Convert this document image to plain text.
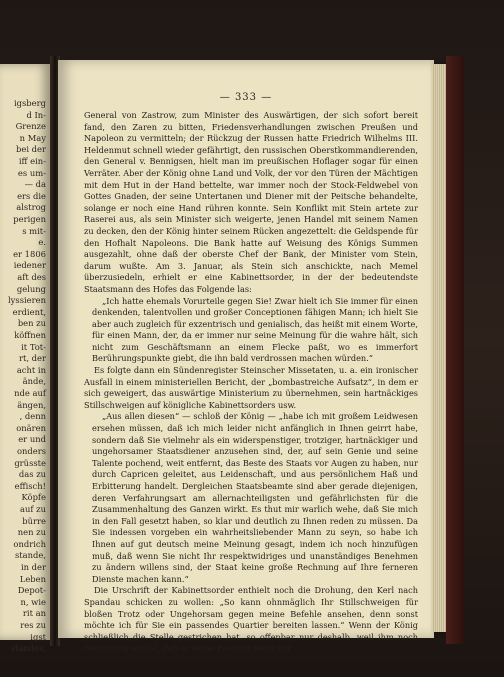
igsberg
d In-
Grenze
n May
bei der
iff ein-
es um-
— da
ers die
alstrog
perigen
s mit-
e.
er 1806
iedener
aft des
gelung
lyssieren
erdient,
ben zu
köffnen
it Tot-
rt, der
acht in
ände,
nde auf
ängen,
, denn
onären
er und
onders
grüsste
das zu
effisch!
Köpfe
auf zu
bürre
nen zu
ondrich
stande,
in der
Leben
Depot-
n, wie
rit an
res zu
igst
standes,
— 333 —

General von Zastrow, zum Minister des Auswärtigen, der sich sofort bereit fand, den Zaren zu bitten, Friedensverhandlungen zwischen Preußen und Napoleon zu vermitteln; der Rückzug der Russen hatte Friedrich Wilhelms III. Heldenmut schnell wieder gefährtigt, den russischen Oberstkommandierenden, den General v. Bennigsen, hielt man im preußischen Hoflager sogar für einen Verräter. Aber der König ohne Land und Volk, der vor den Türen der Mächtigen mit dem Hut in der Hand bettelte, war immer noch der Stock-Feldwebel von Gottes Gnaden, der seine Untertanen und Diener mit der Peitsche behandelte, solange er noch eine Hand rühren konnte. Sein Konflikt mit Stein artete zur Raserei aus, als sein Minister sich weigerte, jenen Handel mit seinem Namen zu decken, den der König hinter seinem Rücken angezettelt: die Geldspende für den Hofhalt Napoleons. Die Bank hatte auf Weisung des Königs Summen ausgezahlt, ohne daß der oberste Chef der Bank, der Minister vom Stein, darum wußte. Am 3. Januar, als Stein sich anschickte, nach Memel überzusiedeln, erhielt er eine Kabinettsorder, in der der bedeutendste Staatsmann des Hofes das Folgende las:

„Ich hatte ehemals Vorurteile gegen Sie! Zwar hielt ich Sie immer für einen denkenden, talentvollen und großer Conceptionen fähigen Mann; ich hielt Sie aber auch zugleich für exzentrisch und genialisch, das heißt mit einem Worte, für einen Mann, der, da er immer nur seine Meinung für die wahre hält, sich nicht zum Geschäftsmann an einem Flecke paßt, wo es immerfort Berührungspunkte giebt, die ihn bald verdrossen machen würden.“

Es folgte dann ein Sündenregister Steinscher Missetaten, u. a. ein ironischer Ausfall in einem ministeriellen Bericht, der „bombastreiche Aufsatz“, in dem er sich geweigert, das auswärtige Ministerium zu übernehmen, sein hartnäckiges Stillschweigen auf königliche Kabinettsorders usw.

„Aus allen diesen“ — schloß der König — „habe ich mit großem Leidwesen ersehen müssen, daß ich mich leider nicht anfänglich in Ihnen geirrt habe, sondern daß Sie vielmehr als ein widerspenstiger, trotziger, hartnäckiger und ungehorsamer Staatsdiener anzusehen sind, der, auf sein Genie und seine Talente pochend, weit entfernt, das Beste des Staats vor Augen zu haben, nur durch Capricen geleitet, aus Leidenschaft, und aus persönlichem Haß und Erbitterung handelt. Dergleichen Staatsbeamte sind aber gerade diejenigen, deren Verfahrungsart am allernachteiligsten und gefährlichsten für die Zusammenhaltung des Ganzen wirkt. Es thut mir warlich wehe, daß Sie mich in den Fall gesetzt haben, so klar und deutlich zu Ihnen reden zu müssen. Da Sie indessen vorgeben ein wahrheitsliebender Mann zu seyn, so habe ich Ihnen auf gut deutsch meine Meinung gesagt, indem ich noch hinzufügen muß, daß wenn Sie nicht Ihr respektwidriges und unanständiges Benehmen zu ändern willens sind, der Staat keine große Rechnung auf Ihre ferneren Dienste machen kann.“

Die Urschrift der Kabinettsorder enthielt noch die Drohung, den Kerl nach Spandau schicken zu wollen: „So kann ohnmäglich Ihr Stillschweigen für bloßen Trotz oder Ungehorsam gegen meine Befehle ansehen, denn sonst möchte ich für Sie ein passendes Quartier bereiten lassen.“ Wenn der König schließlich die Stelle gestrichen hat, so offenbar nur deshalb, weil ihm noch rechtzeitig einfiel, daß er keine Festung mehr zur
